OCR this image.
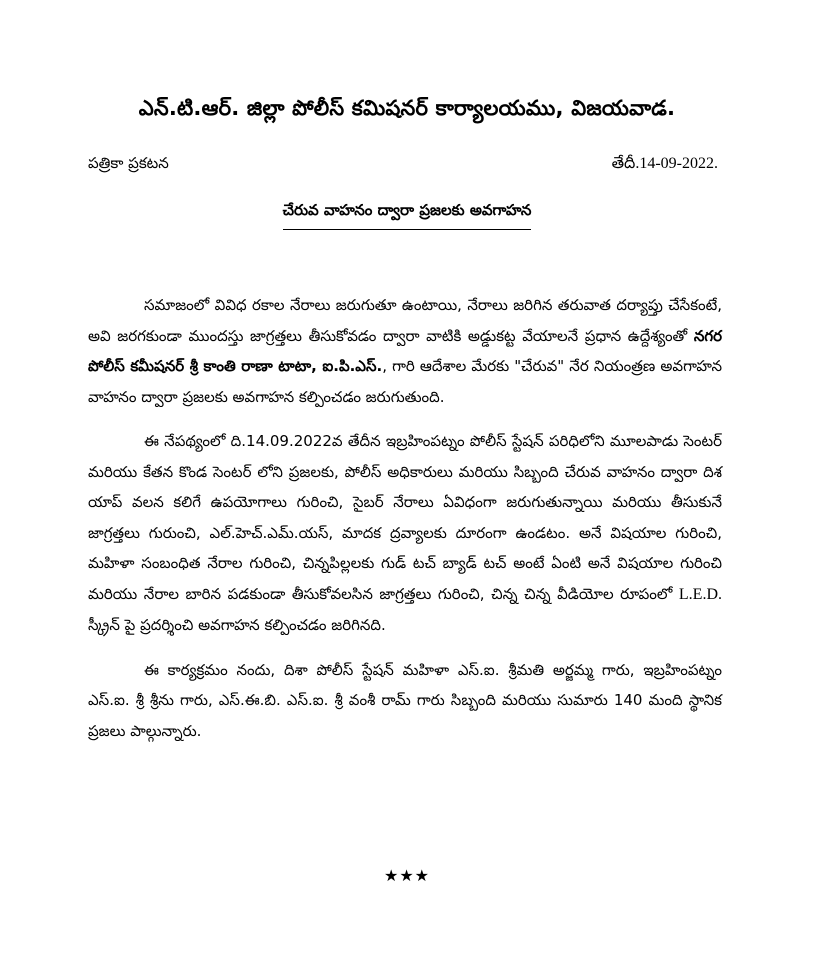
ఎన్.టి.ఆర్. జిల్లా పోలీస్ కమిషనర్ కార్యాలయము, విజయవాడ.
పత్రికా ప్రకటన	తేదీ.14-09-2022.
చేరువ వాహనం ద్వారా ప్రజలకు అవగాహన

సమాజంలో వివిధ రకాల నేరాలు జరుగుతూ ఉంటాయి, నేరాలు జరిగిన తరువాత దర్యాప్తు చేసేకంటే, అవి జరగకుండా ముందస్తు జాగ్రత్తలు తీసుకోవడం ద్వారా వాటికి అడ్డుకట్ట వేయాలనే ప్రధాన ఉద్దేశ్యంతో నగర పోలీస్ కమీషనర్ శ్రీ కాంతి రాణా టాటా, ఐ.పి.ఎస్., గారి ఆదేశాల మేరకు "చేరువ" నేర నియంత్రణ అవగాహన వాహనం ద్వారా ప్రజలకు అవగాహన కల్పించడం జరుగుతుంది.

ఈ నేపథ్యంలో ది.14.09.2022వ తేదీన ఇబ్రహింపట్నం పోలీస్ స్టేషన్ పరిధిలోని మూలపాడు సెంటర్ మరియు కేతన కొండ సెంటర్ లోని ప్రజలకు, పోలీస్ అధికారులు మరియు సిబ్బంది చేరువ వాహనం ద్వారా దిశ యాప్ వలన కలిగే ఉపయోగాలు గురించి, సైబర్ నేరాలు ఏవిధంగా జరుగుతున్నాయి మరియు తీసుకునే జాగ్రత్తలు గురుంచి, ఎల్.హెచ్.ఎమ్.యస్, మాదక ద్రవ్యాలకు దూరంగా ఉండటం. అనే విషయాల గురించి, మహిళా సంబంధిత నేరాల గురించి, చిన్నపిల్లలకు గుడ్ టచ్ బ్యాడ్ టచ్ అంటే ఏంటి అనే విషయాల గురించి మరియు నేరాల బారిన పడకుండా తీసుకోవలసిన జాగ్రత్తలు గురించి, చిన్న చిన్న వీడియోల రూపంలో L.E.D. స్క్రీన్ పై ప్రదర్శించి అవగాహన కల్పించడం జరిగినది.

ఈ కార్యక్రమం నందు, దిశా పోలీస్ స్టేషన్ మహిళా ఎస్.ఐ. శ్రీమతి అర్జమ్మ గారు, ఇబ్రహింపట్నం ఎస్.ఐ. శ్రీ శ్రీను గారు, ఎస్.ఈ.బి. ఎస్.ఐ. శ్రీ వంశీ రామ్ గారు సిబ్బంది మరియు సుమారు 140 మంది స్థానిక ప్రజలు పాల్గున్నారు.

★★★
